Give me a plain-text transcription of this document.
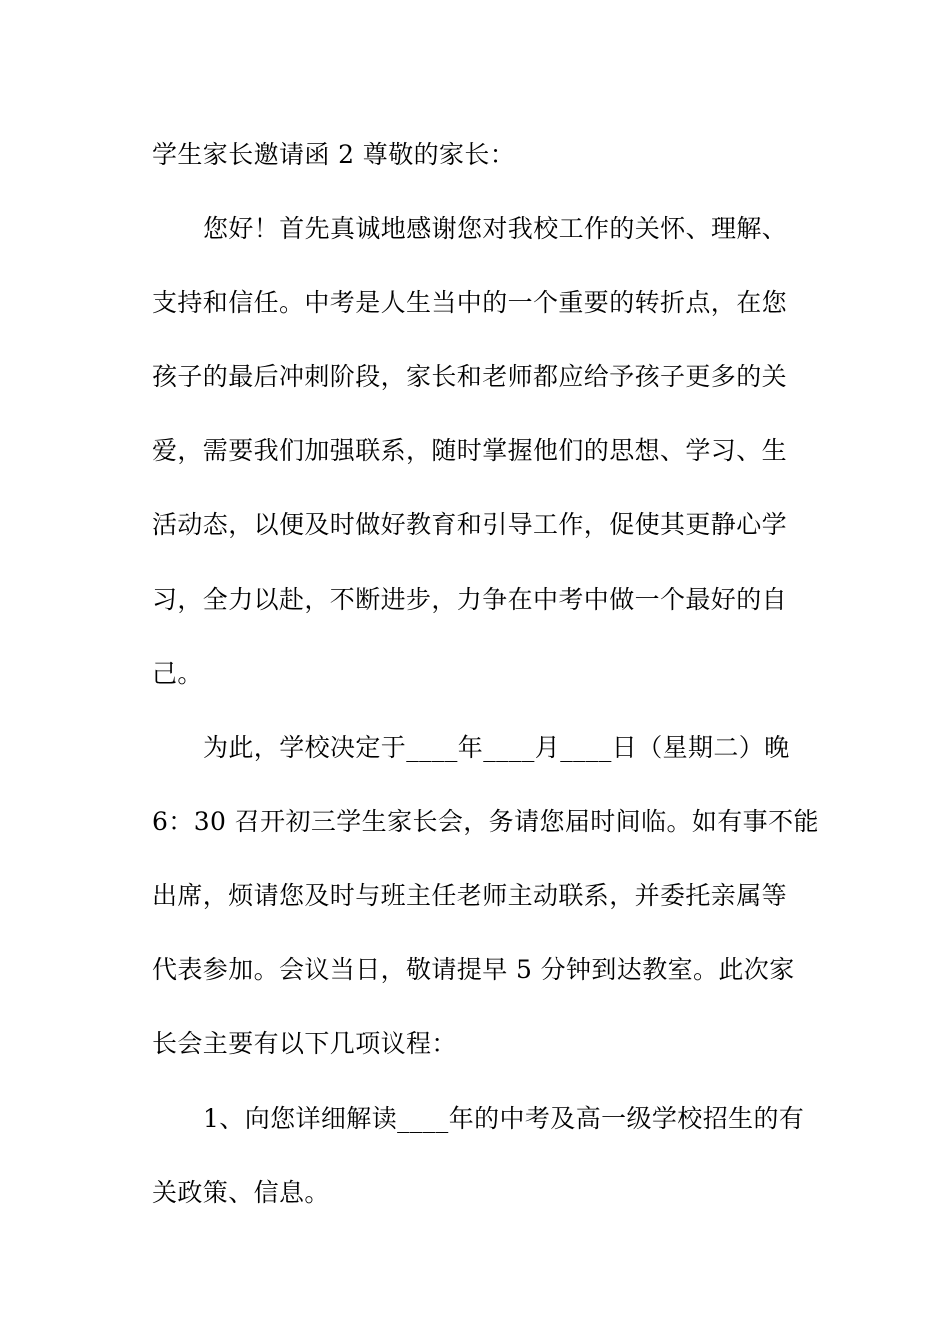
学生家长邀请函 2 尊敬的家长：
您好！首先真诚地感谢您对我校工作的关怀、理解、
支持和信任。中考是人生当中的一个重要的转折点，在您
孩子的最后冲刺阶段，家长和老师都应给予孩子更多的关
爱，需要我们加强联系，随时掌握他们的思想、学习、生
活动态，以便及时做好教育和引导工作，促使其更静心学
习，全力以赴，不断进步，力争在中考中做一个最好的自
己。
为此，学校决定于____年____月____日（星期二）晚
6：30 召开初三学生家长会，务请您届时间临。如有事不能
出席，烦请您及时与班主任老师主动联系，并委托亲属等
代表参加。会议当日，敬请提早 5 分钟到达教室。此次家
长会主要有以下几项议程：
1、向您详细解读____年的中考及高一级学校招生的有
关政策、信息。
